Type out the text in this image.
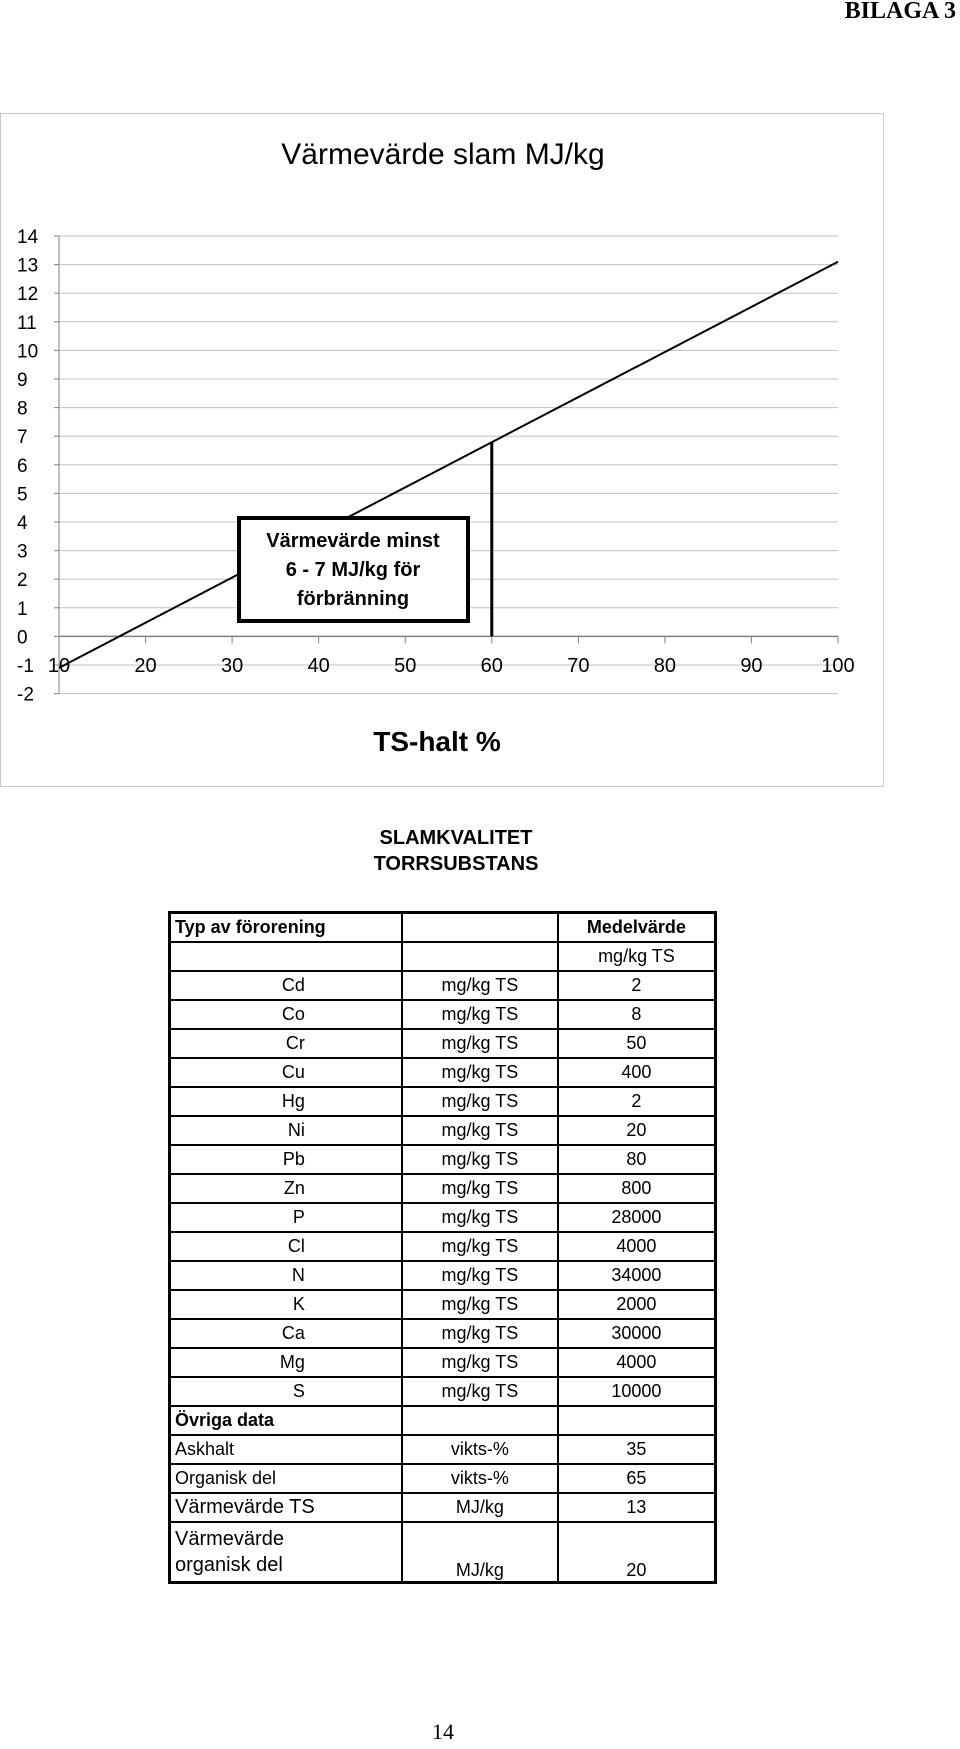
BILAGA 3
Värmevärde slam MJ/kg
14
13
12
11
10
9
8
7
6
5
4
3
2
1
0
-1
-2
10	20	30	40	50	60	70	80	90	100
TS-halt %
Värmevärde minst
6 - 7 MJ/kg för
förbränning
SLAMKVALITET
TORRSUBSTANS
Typ av förorening		Medelvärde
		mg/kg TS
Cd	mg/kg TS	2
Co	mg/kg TS	8
Cr	mg/kg TS	50
Cu	mg/kg TS	400
Hg	mg/kg TS	2
Ni	mg/kg TS	20
Pb	mg/kg TS	80
Zn	mg/kg TS	800
P	mg/kg TS	28000
Cl	mg/kg TS	4000
N	mg/kg TS	34000
K	mg/kg TS	2000
Ca	mg/kg TS	30000
Mg	mg/kg TS	4000
S	mg/kg TS	10000
Övriga data		
Askhalt	vikts-%	35
Organisk del	vikts-%	65
Värmevärde TS	MJ/kg	13

Värmevärde
organisk del	MJ/kg	20
14
